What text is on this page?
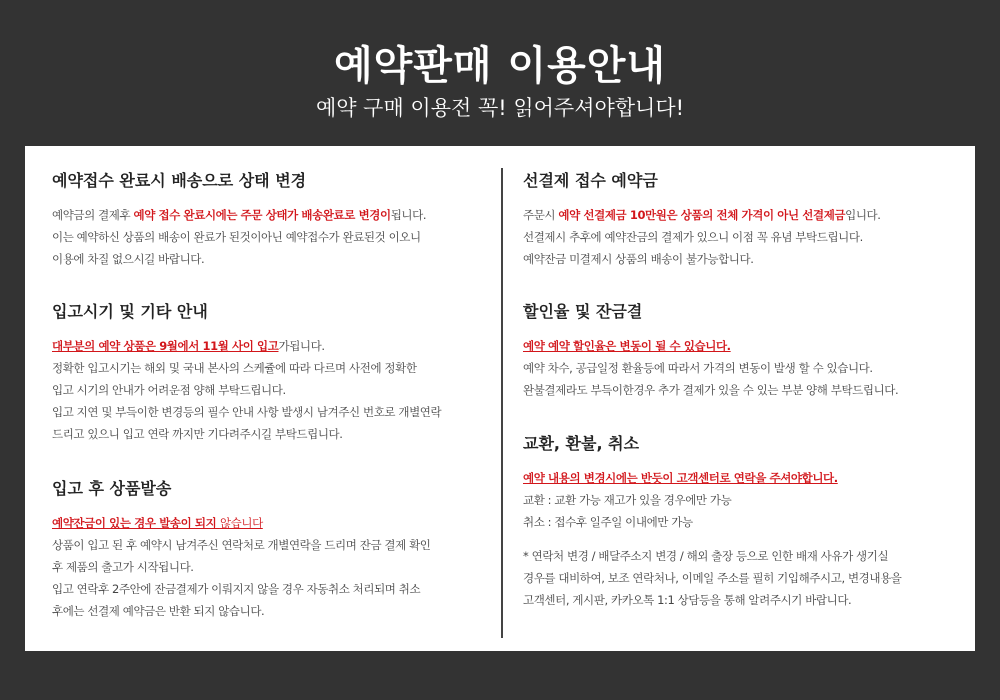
예약판매 이용안내
예약 구매 이용전 꼭! 읽어주셔야합니다!
예약접수 완료시 배송으로 상태 변경
예약금의 결제후 예약 접수 완료시에는 주문 상태가 배송완료로 변경이됩니다.
이는 예약하신 상품의 배송이 완료가 된것이아닌 예약접수가 완료된것 이오니
이용에 차질 없으시길 바랍니다.
입고시기 및 기타 안내
대부분의 예약 상품은 9월에서 11월 사이 입고가됩니다.
정확한 입고시기는 해외 및 국내 본사의 스케쥴에 따라 다르며 사전에 정확한
입고 시기의 안내가 어려운점 양해 부탁드립니다.
입고 지연 및 부득이한 변경등의 필수 안내 사항 발생시 남겨주신 번호로 개별연락
드리고 있으니 입고 연락 까지만 기다려주시길 부탁드립니다.
입고 후 상품발송
예약잔금이 있는 경우 발송이 되지 않습니다
상품이 입고 된 후 예약시 남겨주신 연락처로 개별연락을 드리며 잔금 결제 확인
후 제품의 출고가 시작됩니다.
입고 연락후 2주안에 잔금결제가 이뤄지지 않을 경우 자동취소 처리되며 취소
후에는 선결제 예약금은 반환 되지 않습니다.
선결제 접수 예약금
주문시 예약 선결제금 10만원은 상품의 전체 가격이 아닌 선결제금입니다.
선결제시 추후에 예약잔금의 결제가 있으니 이점 꼭 유념 부탁드립니다.
예약잔금 미결제시 상품의 배송이 불가능합니다.
할인율 및 잔금결
예약 예약 할인율은 변동이 될 수 있습니다.
예약 차수, 공급일정 환율등에 따라서 가격의 변동이 발생 할 수 있습니다.
완불결제라도 부득이한경우 추가 결제가 있을 수 있는 부분 양해 부탁드립니다.
교환, 환불, 취소
예약 내용의 변경시에는 반듯이 고객센터로 연락을 주셔야합니다.
교환 : 교환 가능 재고가 있을 경우에만 가능
취소 : 접수후 일주일 이내에만 가능
* 연락처 변경 / 배달주소지 변경 / 해외 출장 등으로 인한 배재 사유가 생기실
경우를 대비하여, 보조 연락처나, 이메일 주소를 필히 기입해주시고, 변경내용을
고객센터, 게시판, 카카오톡 1:1 상담등을 통해 알려주시기 바랍니다.
